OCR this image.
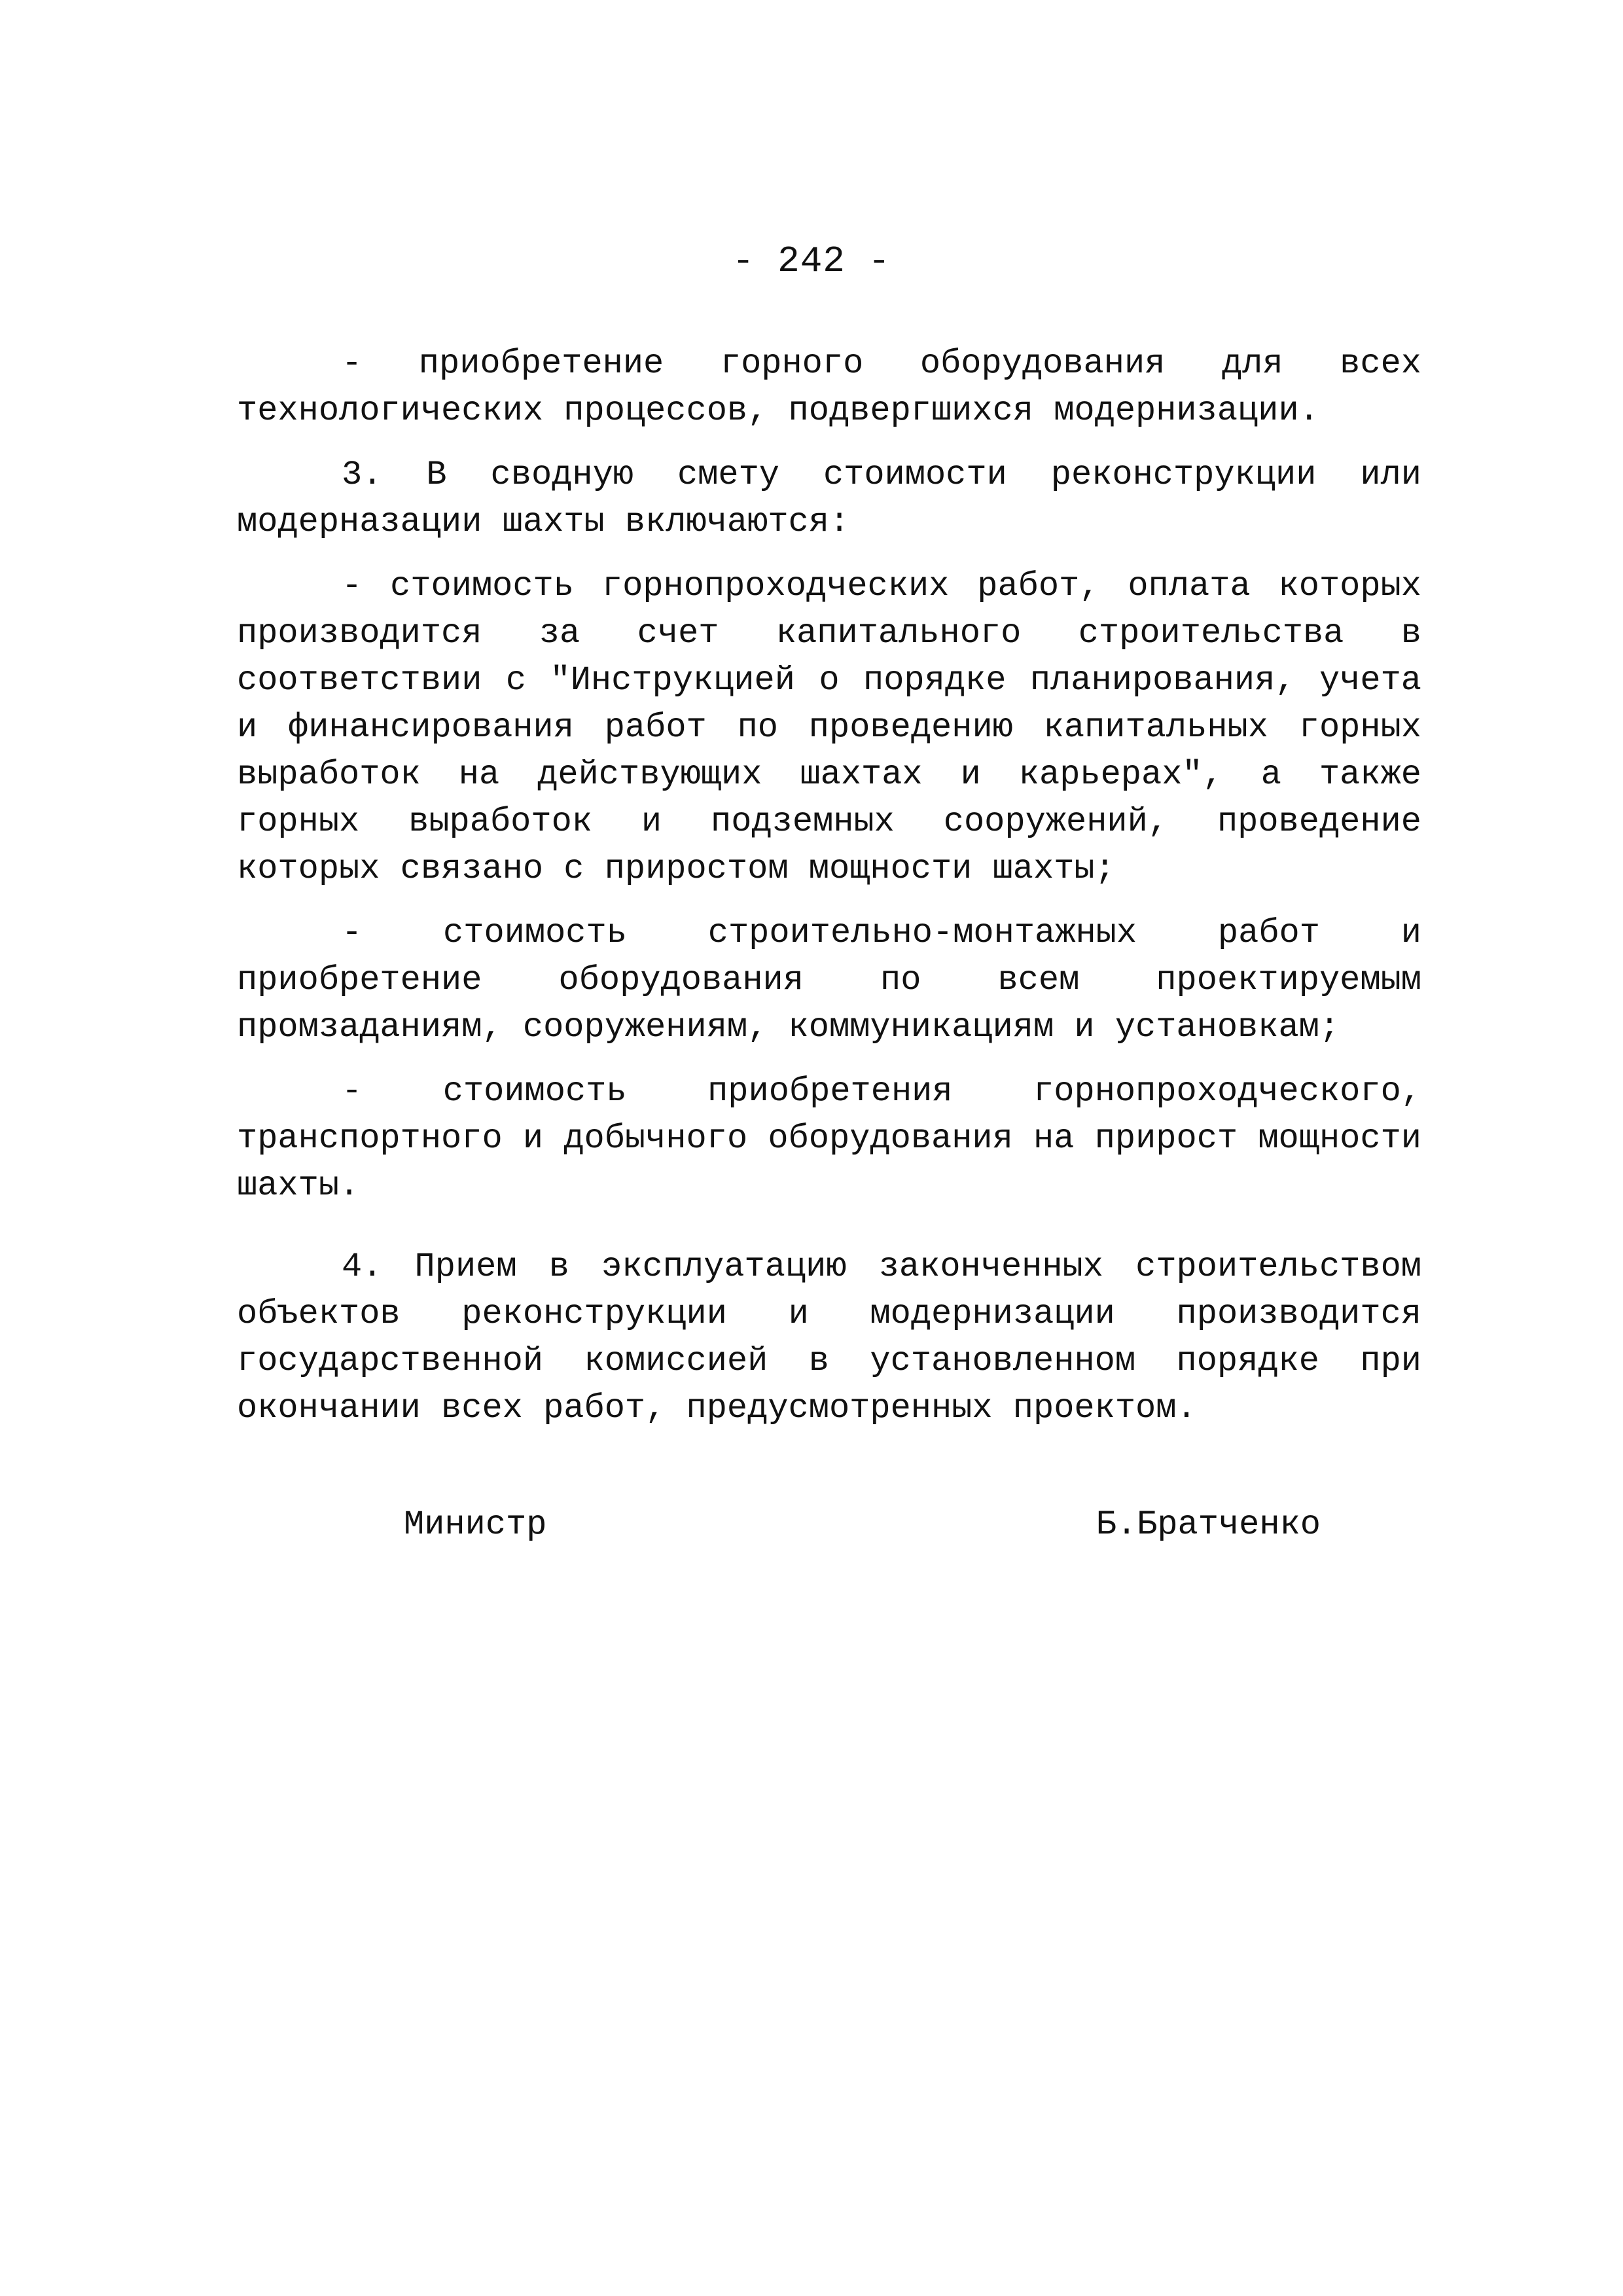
- 242 -

- приобретение горного оборудования для всех технологических процессов, подвергшихся модернизации.

3. В сводную смету стоимости реконструкции или модерназации шахты включаются:

- стоимость горнопроходческих работ, оплата которых производится за счет капитального строительства в соответствии с "Инструкцией о порядке планирования, учета и финансирования работ по проведению капитальных горных выработок на действующих шахтах и карьерах", а также горных выработок и подземных сооружений, проведение которых связано с приростом мощности шахты;

- стоимость строительно-монтажных работ и приобретение оборудования по всем проектируемым промзаданиям, сооружениям, коммуникациям и установкам;

- стоимость приобретения горнопроходческого, транспортного и добычного оборудования на прирост мощности шахты.

4. Прием в эксплуатацию законченных строительством объектов реконструкции и модернизации производится государственной комиссией в установленном порядке при окончании всех работ, предусмотренных проектом.

Министр	Б.Братченко
